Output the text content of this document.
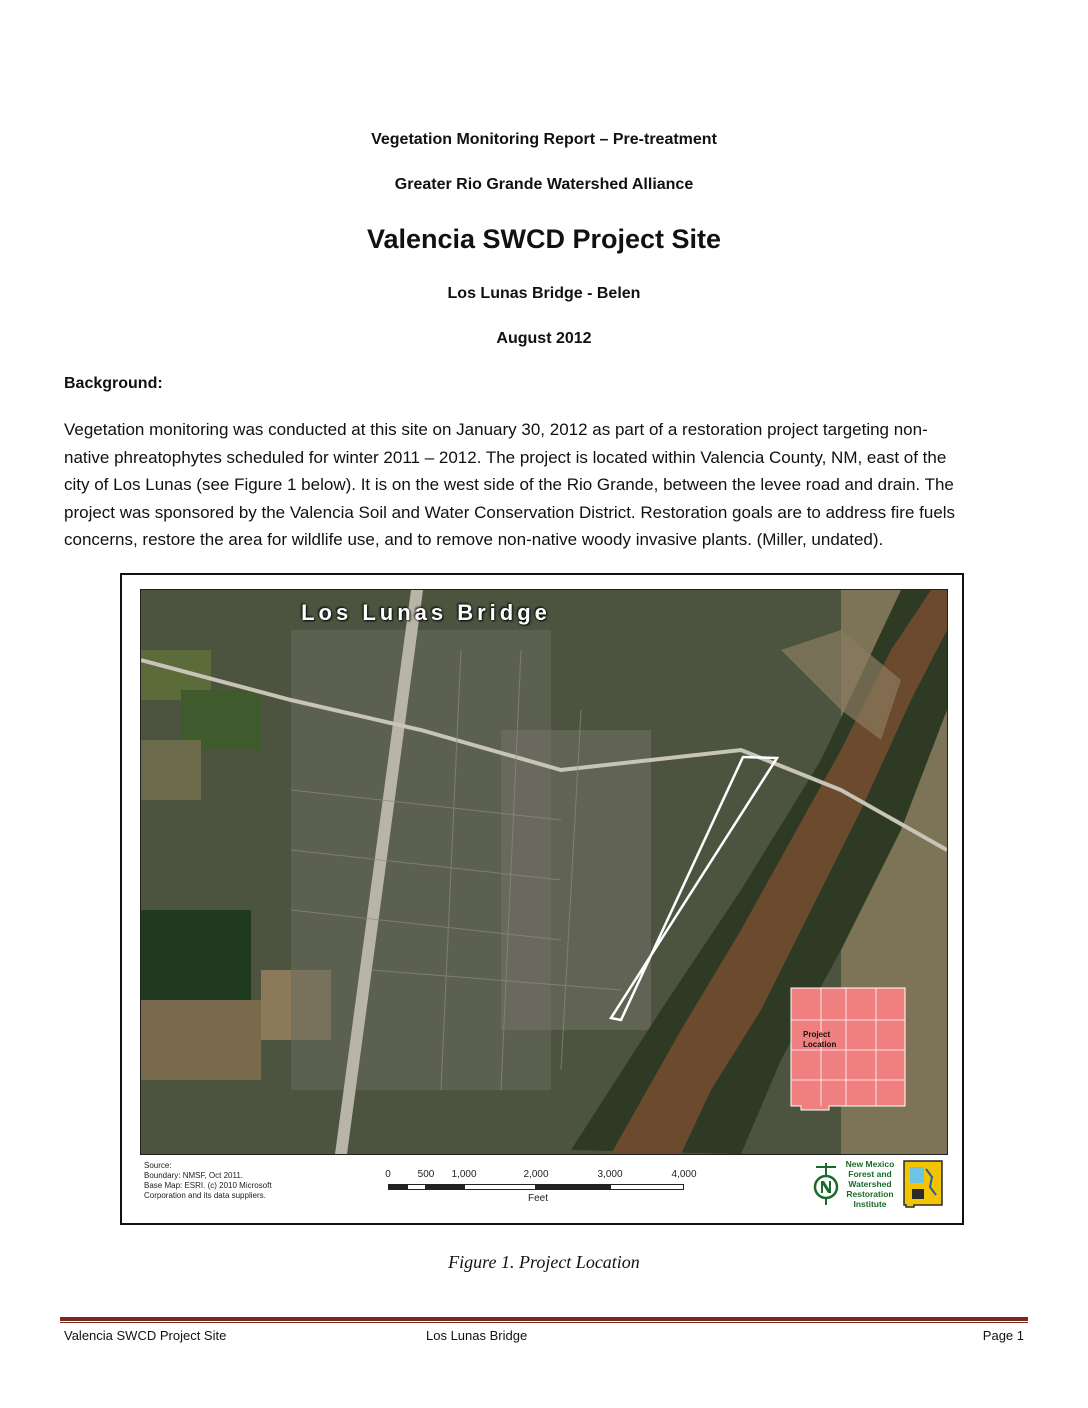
Vegetation Monitoring Report – Pre-treatment
Greater Rio Grande Watershed Alliance
Valencia SWCD Project Site
Los Lunas Bridge - Belen
August 2012
Background:
Vegetation monitoring was conducted at this site on January 30, 2012 as part of a restoration project targeting non-
native phreatophytes scheduled for winter 2011 – 2012. The project is located within Valencia County, NM, east of the
city of Los Lunas (see Figure 1 below). It is on the west side of the Rio Grande, between the levee road and drain. The
project was sponsored by the Valencia Soil and Water Conservation District. Restoration goals are to address fire fuels
concerns, restore the area for wildlife use, and to remove non-native woody invasive plants. (Miller, undated).
Los Lunas Bridge
Project
Location
Source:
Boundary: NMSF, Oct 2011.
Base Map: ESRI. (c) 2010 Microsoft
Corporation and its data suppliers.
0	500 1,000	2,000	3,000	4,000
Feet
New Mexico
Forest and
Watershed
Restoration
Institute
Figure 1. Project Location
Valencia SWCD Project Site	Los Lunas Bridge	Page 1
